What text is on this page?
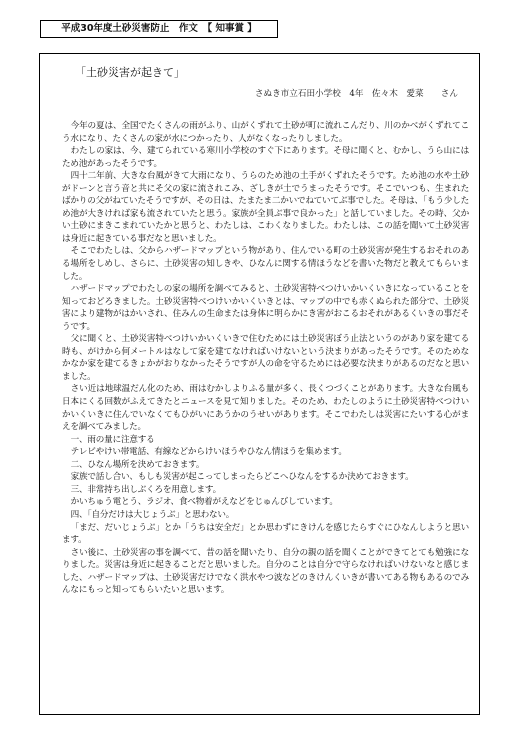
平成30年度土砂災害防止　作文　【 知事賞 】
「土砂災害が起きて」
さぬき市立石田小学校　4年　佐々木　愛菜　　さん

今年の夏は、全国でたくさんの雨がふり、山がくずれて土砂が町に流れこんだり、川のかべがくずれてこう水になり、たくさんの家が水につかったり、人がなくなったりしました。

わたしの家は、今、建てられている寒川小学校のすぐ下にあります。そ母に聞くと、むかし、うら山にはため池があったそうです。

四十二年前、大きな台風がきて大雨になり、うらのため池の土手がくずれたそうです。ため池の水や土砂がドーンと言う音と共にそ父の家に流されこみ、ざしきが土でうまったそうです。そこでいつも、生まれたばかりの父がねていたそうですが、その日は、たまたま二かいでねていてぶ事でした。そ母は、「もう少しため池が大きければ家も流されていたと思う。家族が全員ぶ事で良かった」と話していました。その時、父かい土砂にまきこまれていたかと思うと、わたしは、こわくなりました。わたしは、この話を聞いて土砂災害は身近に起きている事だなと思いました。

そこでわたしは、父からハザードマップという物があり、住んでいる町の土砂災害が発生するおそれのある場所をしめし、さらに、土砂災害の知しきや、ひなんに関する情ほうなどを書いた物だと教えてもらいました。

ハザードマップでわたしの家の場所を調べてみると、土砂災害特べつけいかいくいきになっていることを知っておどろきました。土砂災害特べつけいかいくいきとは、マップの中でも赤くぬられた部分で、土砂災害により建物がはかいされ、住みんの生命または身体に明らかにき害がおこるおそれがあるくいきの事だそうです。

父に聞くと、土砂災害特べつけいかいくいきで住むためには土砂災害ぼう止法というのがあり家を建てる時も、がけから何メートルはなして家を建てなければいけないという決まりがあったそうです。そのためなかなか家を建てるきょかがおりなかったそうですが人の命を守るためには必要な決まりがあるのだなと思いました。

さい近は地球温だん化のため、雨はむかしよりふる量が多く、長くつづくことがあります。大きな台風も日本にくる回数がふえてきたとニュースを見て知りました。そのため、わたしのように土砂災害特べつけいかいくいきに住んでいなくてもひがいにあうかのうせいがあります。そこでわたしは災害にたいする心がまえを調べてみました。

一、雨の量に注意する

テレビやけい帯電話、有線などからけいほうやひなん情ほうを集めます。

二、ひなん場所を決めておきます。

家族で話し合い、もしも災害が起こってしまったらどこへひなんをするか決めておきます。

三、非常持ち出しぶくろを用意します。

かいちゅう電とう、ラジオ、食べ物着がえなどをじゅんびしています。

四、「自分だけは大じょうぶ」と思わない。

「まだ、だいじょうぶ」とか「うちは安全だ」とか思わずにきけんを感じたらすぐにひなんしようと思います。

さい後に、土砂災害の事を調べて、昔の話を聞いたり、自分の親の話を聞くことができてとても勉強になりました。災害は身近に起きることだと思いました。自分のことは自分で守らなければいけないなと感じました、ハザードマップは、土砂災害だけでなく洪水やつ波などのきけんくいきが書いてある物もあるのでみんなにもっと知ってもらいたいと思います。
